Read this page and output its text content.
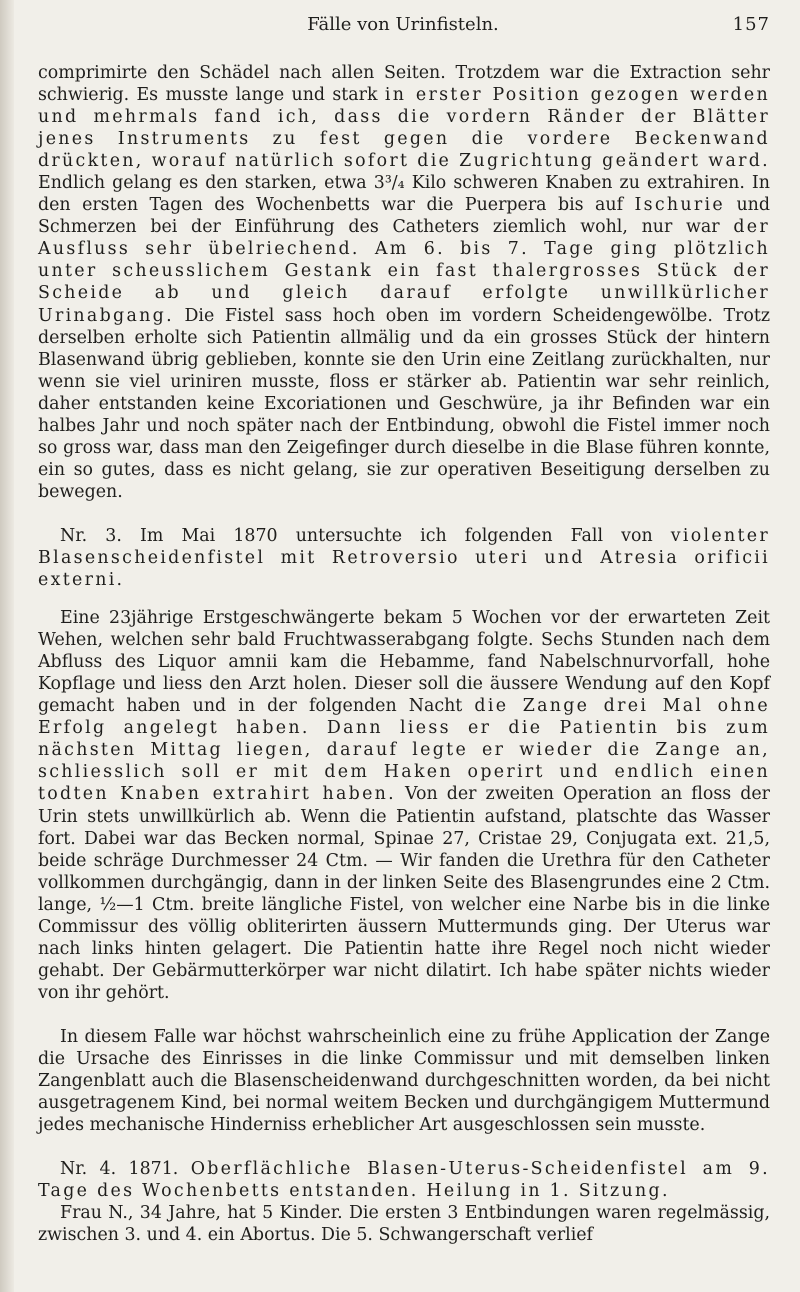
Fälle von Urinfisteln.	157

comprimirte den Schädel nach allen Seiten. Trotzdem war die Extraction sehr schwierig. Es musste lange und stark in erster Position gezogen werden und mehrmals fand ich, dass die vordern Ränder der Blätter jenes Instruments zu fest gegen die vordere Beckenwand drückten, worauf natürlich sofort die Zugrichtung geändert ward. Endlich gelang es den starken, etwa 3³/₄ Kilo schweren Knaben zu extrahiren. In den ersten Tagen des Wochenbetts war die Puerpera bis auf Ischurie und Schmerzen bei der Einführung des Catheters ziemlich wohl, nur war der Ausfluss sehr übelriechend. Am 6. bis 7. Tage ging plötzlich unter scheusslichem Gestank ein fast thalergrosses Stück der Scheide ab und gleich darauf erfolgte unwillkürlicher Urinabgang. Die Fistel sass hoch oben im vordern Scheidengewölbe. Trotz derselben erholte sich Patientin allmälig und da ein grosses Stück der hintern Blasenwand übrig geblieben, konnte sie den Urin eine Zeitlang zurückhalten, nur wenn sie viel uriniren musste, floss er stärker ab. Patientin war sehr reinlich, daher entstanden keine Excoriationen und Geschwüre, ja ihr Befinden war ein halbes Jahr und noch später nach der Entbindung, obwohl die Fistel immer noch so gross war, dass man den Zeigefinger durch dieselbe in die Blase führen konnte, ein so gutes, dass es nicht gelang, sie zur operativen Beseitigung derselben zu bewegen.

Nr. 3. Im Mai 1870 untersuchte ich folgenden Fall von violenter Blasenscheidenfistel mit Retroversio uteri und Atresia orificii externi.

Eine 23jährige Erstgeschwängerte bekam 5 Wochen vor der erwarteten Zeit Wehen, welchen sehr bald Fruchtwasserabgang folgte. Sechs Stunden nach dem Abfluss des Liquor amnii kam die Hebamme, fand Nabelschnurvorfall, hohe Kopflage und liess den Arzt holen. Dieser soll die äussere Wendung auf den Kopf gemacht haben und in der folgenden Nacht die Zange drei Mal ohne Erfolg angelegt haben. Dann liess er die Patientin bis zum nächsten Mittag liegen, darauf legte er wieder die Zange an, schliesslich soll er mit dem Haken operirt und endlich einen todten Knaben extrahirt haben. Von der zweiten Operation an floss der Urin stets unwillkürlich ab. Wenn die Patientin aufstand, platschte das Wasser fort. Dabei war das Becken normal, Spinae 27, Cristae 29, Conjugata ext. 21,5, beide schräge Durchmesser 24 Ctm. — Wir fanden die Urethra für den Catheter vollkommen durchgängig, dann in der linken Seite des Blasengrundes eine 2 Ctm. lange, ½—1 Ctm. breite längliche Fistel, von welcher eine Narbe bis in die linke Commissur des völlig obliterirten äussern Muttermunds ging. Der Uterus war nach links hinten gelagert. Die Patientin hatte ihre Regel noch nicht wieder gehabt. Der Gebärmutterkörper war nicht dilatirt. Ich habe später nichts wieder von ihr gehört.

In diesem Falle war höchst wahrscheinlich eine zu frühe Application der Zange die Ursache des Einrisses in die linke Commissur und mit demselben linken Zangenblatt auch die Blasenscheidenwand durchgeschnitten worden, da bei nicht ausgetragenem Kind, bei normal weitem Becken und durchgängigem Muttermund jedes mechanische Hinderniss erheblicher Art ausgeschlossen sein musste.

Nr. 4. 1871. Oberflächliche Blasen-Uterus-Scheidenfistel am 9. Tage des Wochenbetts entstanden. Heilung in 1. Sitzung.

Frau N., 34 Jahre, hat 5 Kinder. Die ersten 3 Entbindungen waren regelmässig, zwischen 3. und 4. ein Abortus. Die 5. Schwangerschaft verlief
